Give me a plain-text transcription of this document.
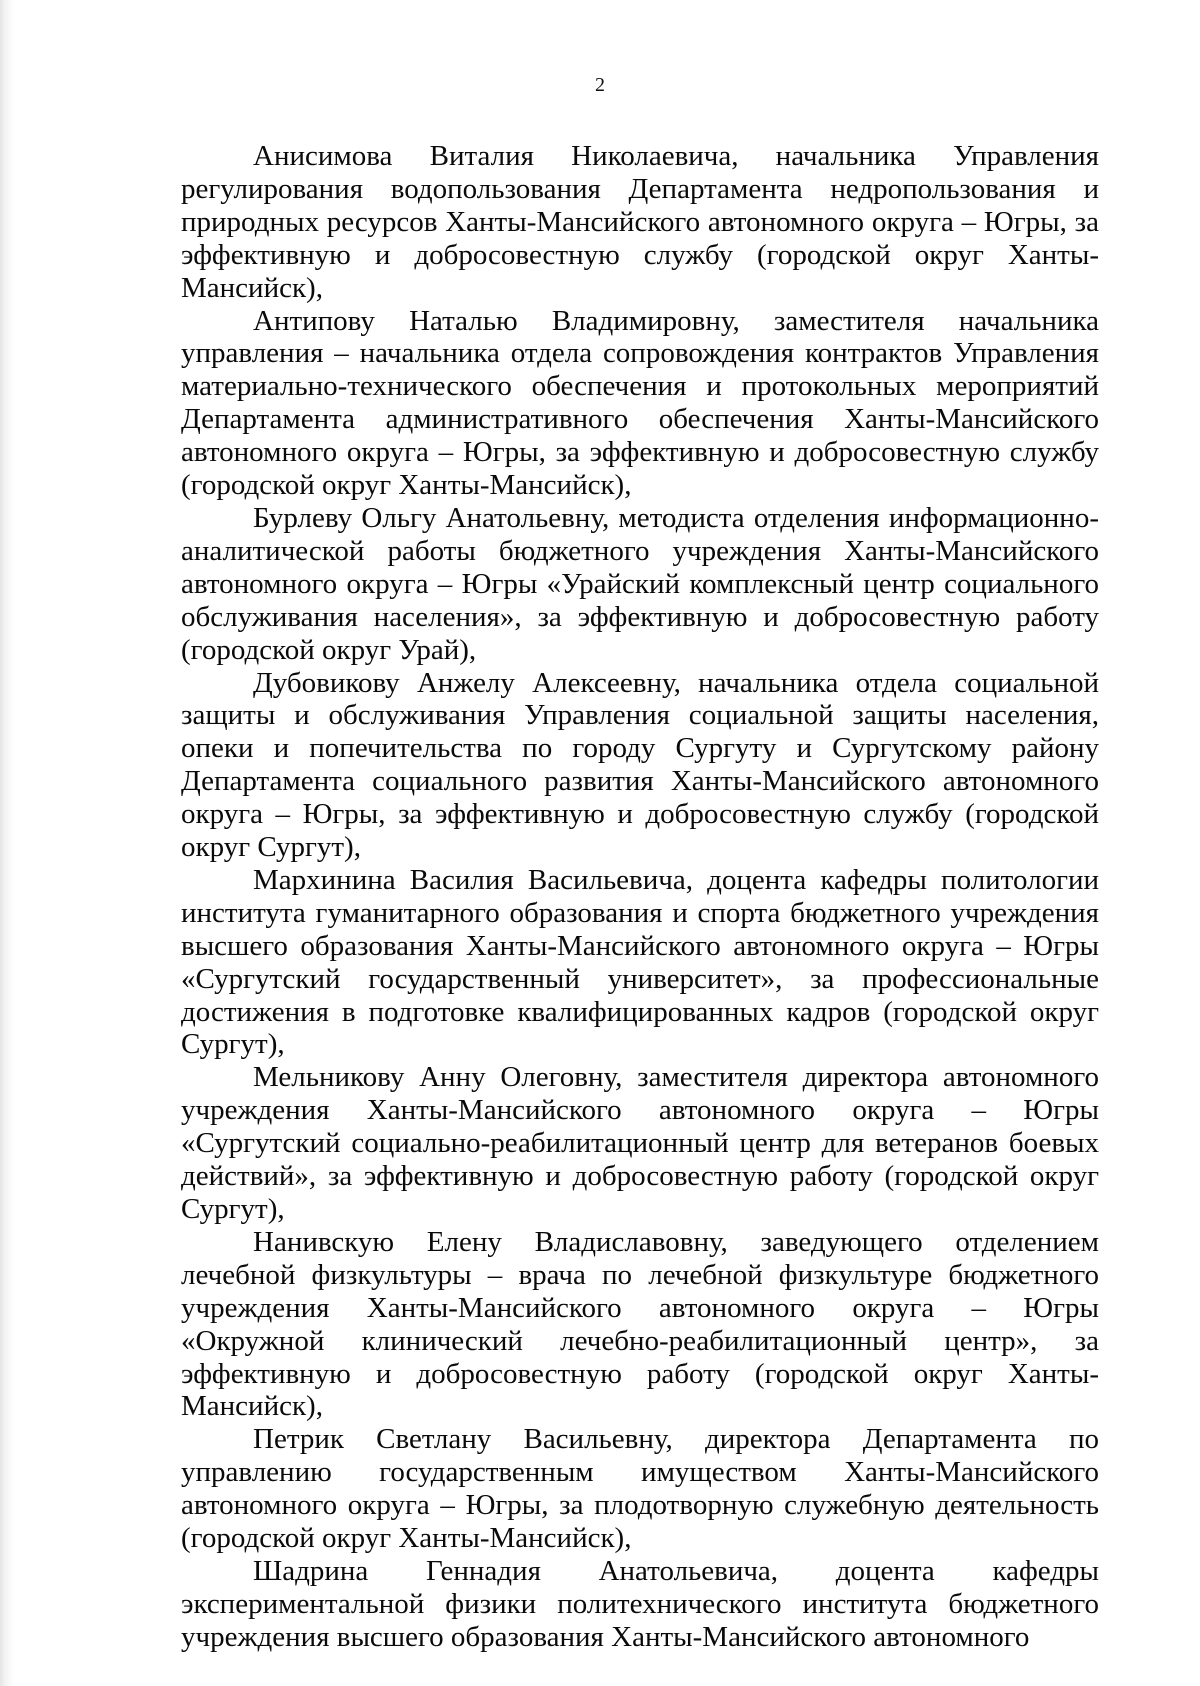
2

Анисимова Виталия Николаевича, начальника Управления регулирования водопользования Департамента недропользования и природных ресурсов Ханты-Мансийского автономного округа – Югры, за эффективную и добросовестную службу (городской округ Ханты-Мансийск),

Антипову Наталью Владимировну, заместителя начальника управления – начальника отдела сопровождения контрактов Управления материально-технического обеспечения и протокольных мероприятий Департамента административного обеспечения Ханты-Мансийского автономного округа – Югры, за эффективную и добросовестную службу (городской округ Ханты-Мансийск),

Бурлеву Ольгу Анатольевну, методиста отделения информационно-аналитической работы бюджетного учреждения Ханты-Мансийского автономного округа – Югры «Урайский комплексный центр социального обслуживания населения», за эффективную и добросовестную работу (городской округ Урай),

Дубовикову Анжелу Алексеевну, начальника отдела социальной защиты и обслуживания Управления социальной защиты населения, опеки и попечительства по городу Сургуту и Сургутскому району Департамента социального развития Ханты-Мансийского автономного округа – Югры, за эффективную и добросовестную службу (городской округ Сургут),

Мархинина Василия Васильевича, доцента кафедры политологии института гуманитарного образования и спорта бюджетного учреждения высшего образования Ханты-Мансийского автономного округа – Югры «Сургутский государственный университет», за профессиональные достижения в подготовке квалифицированных кадров (городской округ Сургут),

Мельникову Анну Олеговну, заместителя директора автономного учреждения Ханты-Мансийского автономного округа – Югры «Сургутский социально-реабилитационный центр для ветеранов боевых действий», за эффективную и добросовестную работу (городской округ Сургут),

Нанивскую Елену Владиславовну, заведующего отделением лечебной физкультуры – врача по лечебной физкультуре бюджетного учреждения Ханты-Мансийского автономного округа – Югры «Окружной клинический лечебно-реабилитационный центр», за эффективную и добросовестную работу (городской округ Ханты-Мансийск),

Петрик Светлану Васильевну, директора Департамента по управлению государственным имуществом Ханты-Мансийского автономного округа – Югры, за плодотворную служебную деятельность (городской округ Ханты-Мансийск),

Шадрина Геннадия Анатольевича, доцента кафедры экспериментальной физики политехнического института бюджетного учреждения высшего образования Ханты-Мансийского автономного
